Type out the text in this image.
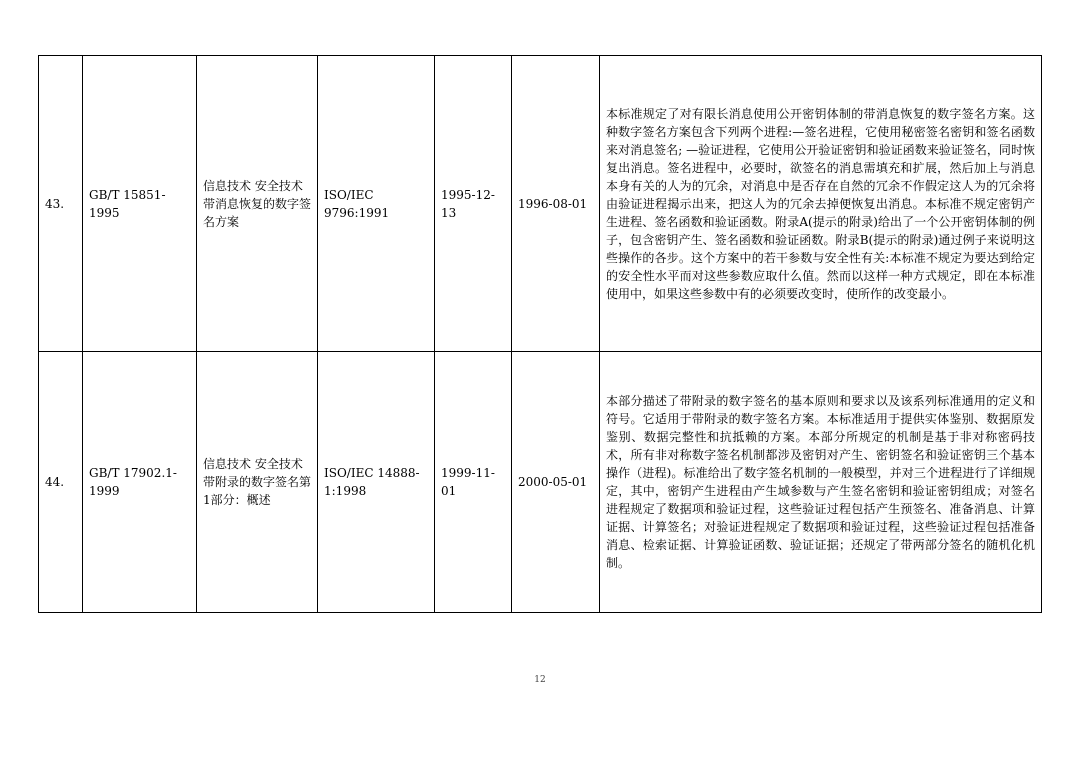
43.	GB/T 15851-1995	信息技术 安全技术带消息恢复的数字签名方案	ISO/IEC 9796:1991	1995-12-13	1996-08-01	本标准规定了对有限长消息使用公开密钥体制的带消息恢复的数字签名方案。这种数字签名方案包含下列两个进程:—签名进程，它使用秘密签名密钥和签名函数来对消息签名; —验证进程，它使用公开验证密钥和验证函数来验证签名，同时恢复出消息。签名进程中，必要时，欲签名的消息需填充和扩展，然后加上与消息本身有关的人为的冗余，对消息中是否存在自然的冗余不作假定这人为的冗余将由验证进程揭示出来，把这人为的冗余去掉便恢复出消息。本标准不规定密钥产生进程、签名函数和验证函数。附录A(提示的附录)给出了一个公开密钥体制的例子，包含密钥产生、签名函数和验证函数。附录B(提示的附录)通过例子来说明这些操作的各步。这个方案中的若干参数与安全性有关:本标准不规定为要达到给定的安全性水平而对这些参数应取什么值。然而以这样一种方式规定，即在本标准使用中，如果这些参数中有的必须要改变时，使所作的改变最小。
44.	GB/T 17902.1-1999	信息技术 安全技术带附录的数字签名第1部分：概述	ISO/IEC 14888-1:1998	1999-11-01	2000-05-01	本部分描述了带附录的数字签名的基本原则和要求以及该系列标准通用的定义和符号。它适用于带附录的数字签名方案。本标准适用于提供实体鉴别、数据原发鉴别、数据完整性和抗抵赖的方案。本部分所规定的机制是基于非对称密码技术，所有非对称数字签名机制都涉及密钥对产生、密钥签名和验证密钥三个基本操作（进程)。标准给出了数字签名机制的一般模型，并对三个进程进行了详细规定，其中，密钥产生进程由产生域参数与产生签名密钥和验证密钥组成；对签名进程规定了数据项和验证过程，这些验证过程包括产生预签名、准备消息、计算证据、计算签名；对验证进程规定了数据项和验证过程，这些验证过程包括准备消息、检索证据、计算验证函数、验证证据；还规定了带两部分签名的随机化机制。
12
